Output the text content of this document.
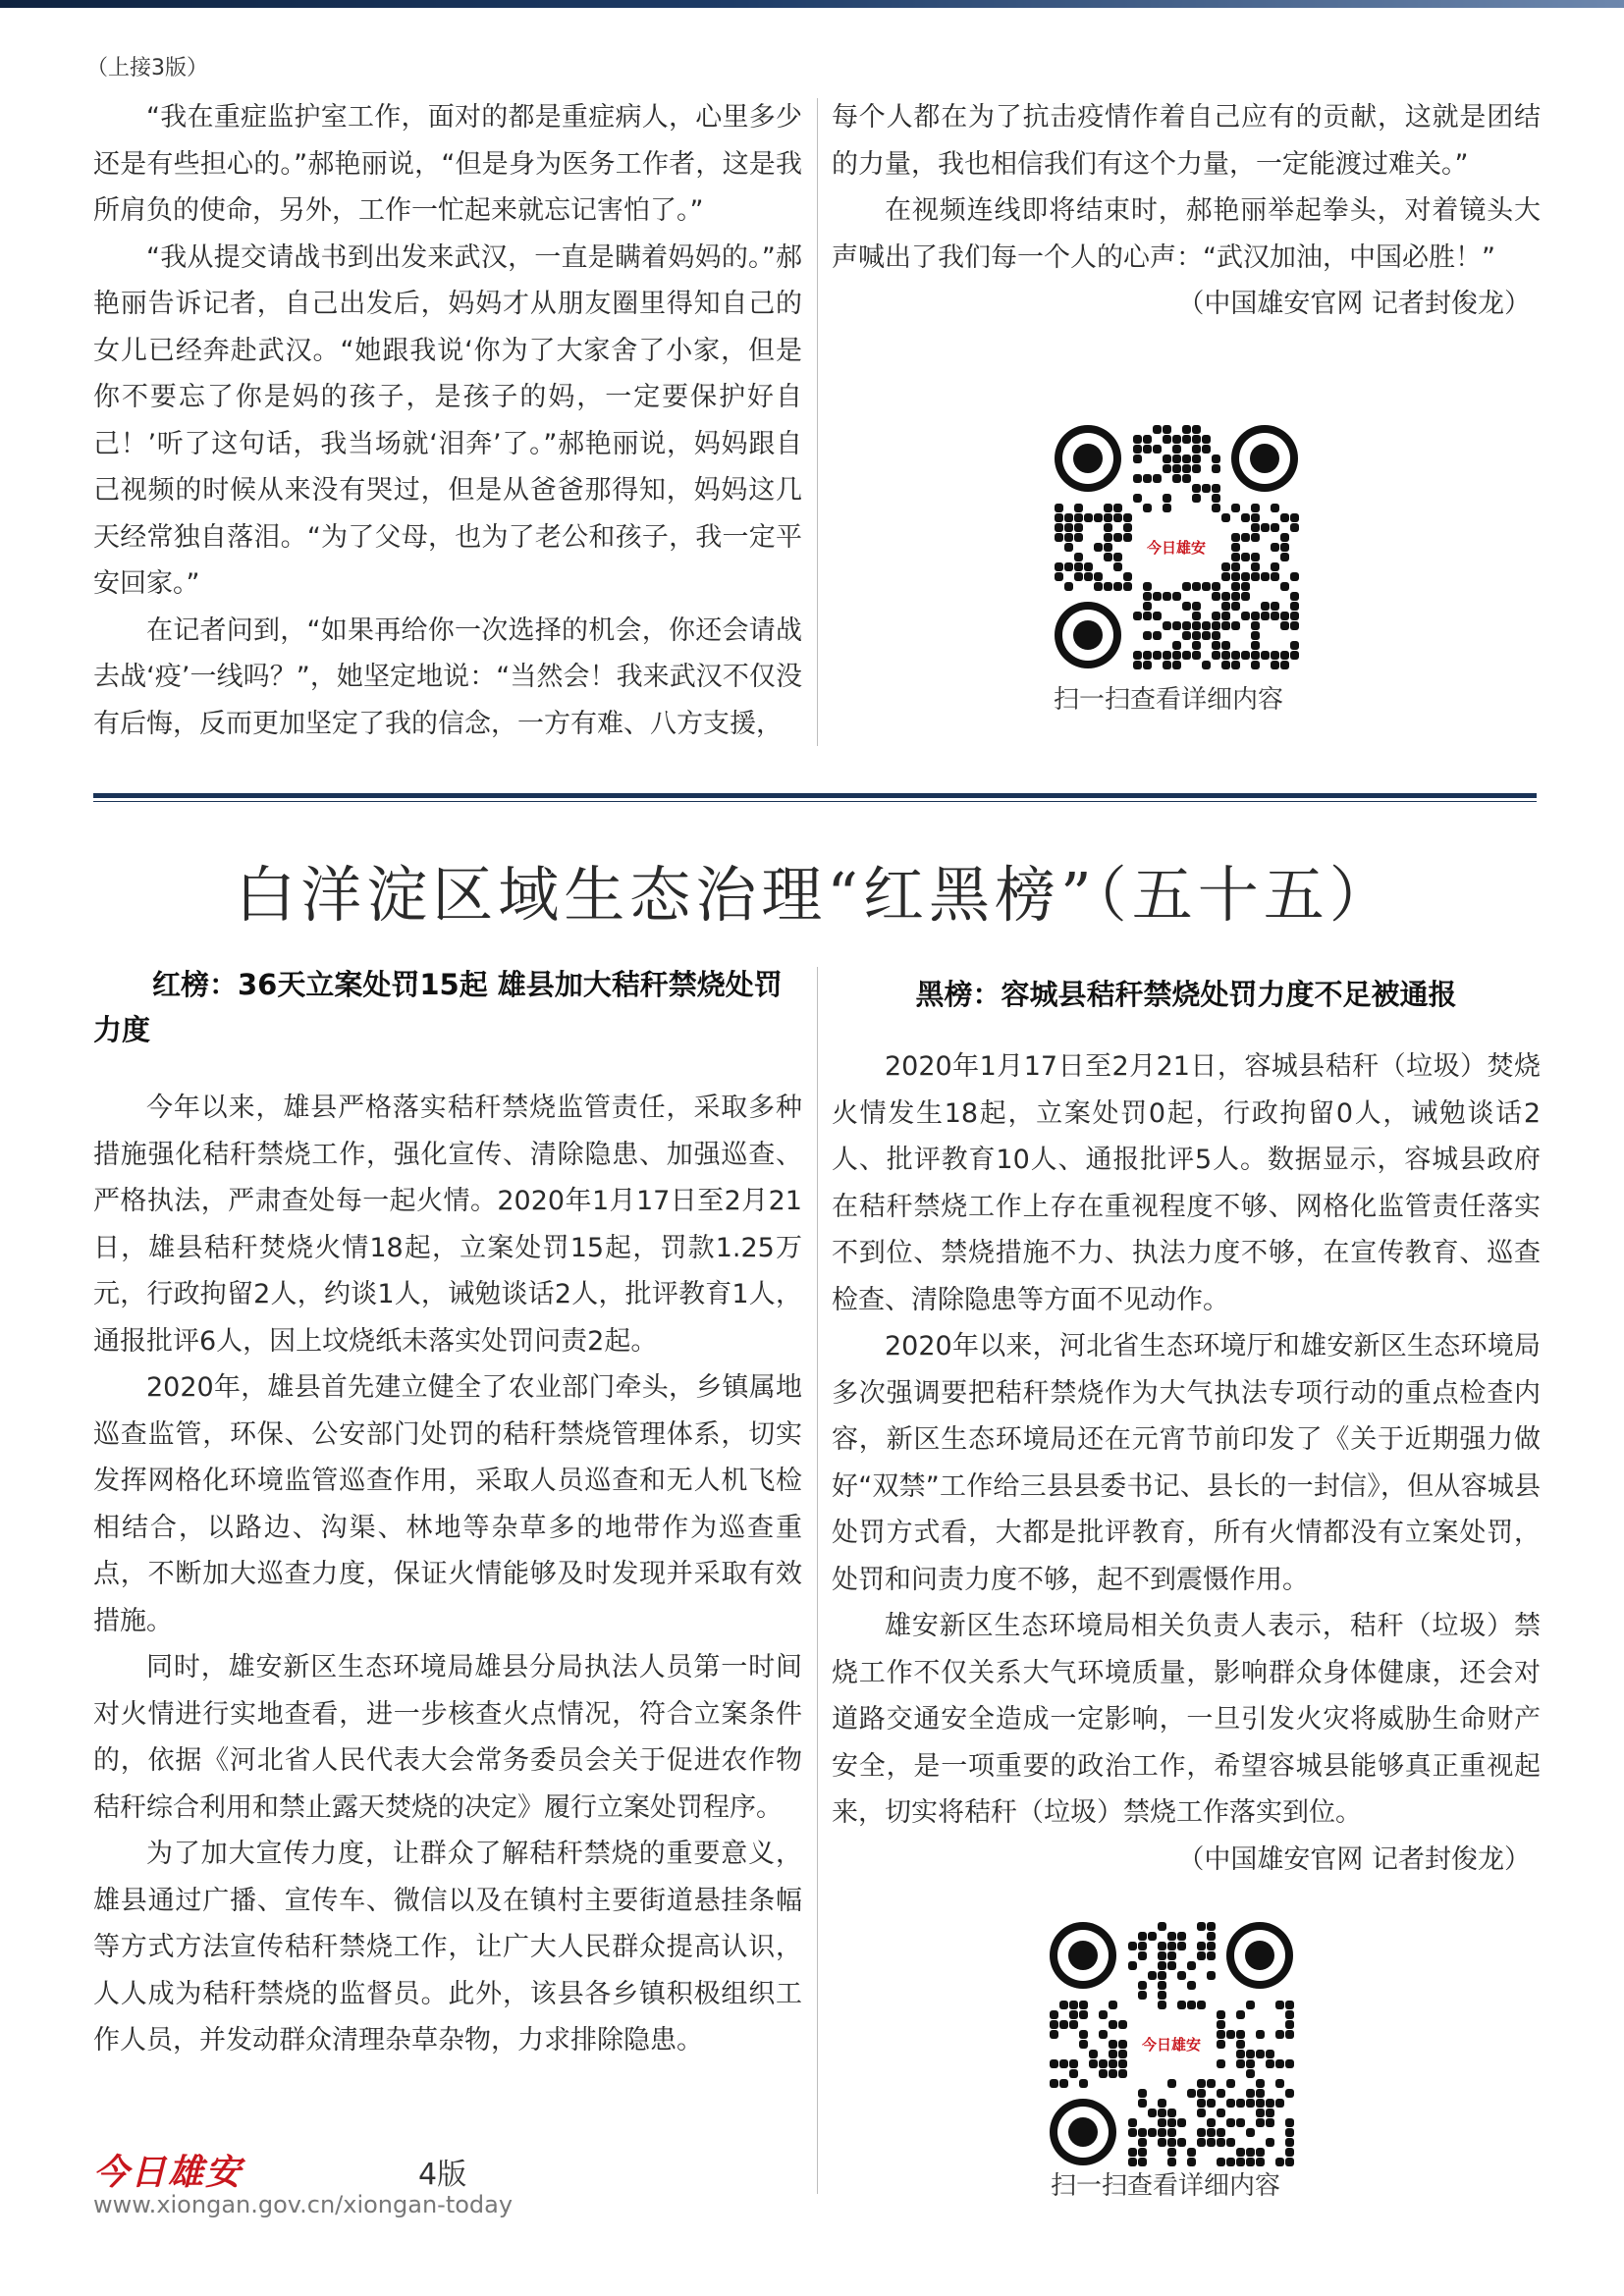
（上接3版）

“我在重症监护室工作，面对的都是重症病人，心里多少还是有些担心的。”郝艳丽说，“但是身为医务工作者，这是我所肩负的使命，另外，工作一忙起来就忘记害怕了。”

“我从提交请战书到出发来武汉，一直是瞒着妈妈的。”郝艳丽告诉记者，自己出发后，妈妈才从朋友圈里得知自己的女儿已经奔赴武汉。“她跟我说‘你为了大家舍了小家，但是你不要忘了你是妈的孩子，是孩子的妈，一定要保护好自己！’听了这句话，我当场就‘泪奔’了。”郝艳丽说，妈妈跟自己视频的时候从来没有哭过，但是从爸爸那得知，妈妈这几天经常独自落泪。“为了父母，也为了老公和孩子，我一定平安回家。”

在记者问到，“如果再给你一次选择的机会，你还会请战去战‘疫’一线吗？”，她坚定地说：“当然会！我来武汉不仅没有后悔，反而更加坚定了我的信念，一方有难、八方支援，

每个人都在为了抗击疫情作着自己应有的贡献，这就是团结的力量，我也相信我们有这个力量，一定能渡过难关。”

在视频连线即将结束时，郝艳丽举起拳头，对着镜头大声喊出了我们每一个人的心声：“武汉加油，中国必胜！”

（中国雄安官网 记者封俊龙）

今日雄安
扫一扫查看详细内容
白洋淀区域生态治理“红黑榜”（五十五）

红榜：36天立案处罚15起 雄县加大秸秆禁烧处罚力度

今年以来，雄县严格落实秸秆禁烧监管责任，采取多种措施强化秸秆禁烧工作，强化宣传、清除隐患、加强巡查、严格执法，严肃查处每一起火情。2020年1月17日至2月21日，雄县秸秆焚烧火情18起，立案处罚15起，罚款1.25万元，行政拘留2人，约谈1人，诫勉谈话2人，批评教育1人，通报批评6人，因上坟烧纸未落实处罚问责2起。

2020年，雄县首先建立健全了农业部门牵头，乡镇属地巡查监管，环保、公安部门处罚的秸秆禁烧管理体系，切实发挥网格化环境监管巡查作用，采取人员巡查和无人机飞检相结合，以路边、沟渠、林地等杂草多的地带作为巡查重点，不断加大巡查力度，保证火情能够及时发现并采取有效措施。

同时，雄安新区生态环境局雄县分局执法人员第一时间对火情进行实地查看，进一步核查火点情况，符合立案条件的，依据《河北省人民代表大会常务委员会关于促进农作物秸秆综合利用和禁止露天焚烧的决定》履行立案处罚程序。

为了加大宣传力度，让群众了解秸秆禁烧的重要意义，雄县通过广播、宣传车、微信以及在镇村主要街道悬挂条幅等方式方法宣传秸秆禁烧工作，让广大人民群众提高认识，人人成为秸秆禁烧的监督员。此外，该县各乡镇积极组织工作人员，并发动群众清理杂草杂物，力求排除隐患。

黑榜：容城县秸秆禁烧处罚力度不足被通报

2020年1月17日至2月21日，容城县秸秆（垃圾）焚烧火情发生18起，立案处罚0起，行政拘留0人，诫勉谈话2人、批评教育10人、通报批评5人。数据显示，容城县政府在秸秆禁烧工作上存在重视程度不够、网格化监管责任落实不到位、禁烧措施不力、执法力度不够，在宣传教育、巡查检查、清除隐患等方面不见动作。

2020年以来，河北省生态环境厅和雄安新区生态环境局多次强调要把秸秆禁烧作为大气执法专项行动的重点检查内容，新区生态环境局还在元宵节前印发了《关于近期强力做好“双禁”工作给三县县委书记、县长的一封信》，但从容城县处罚方式看，大都是批评教育，所有火情都没有立案处罚，处罚和问责力度不够，起不到震慑作用。

雄安新区生态环境局相关负责人表示，秸秆（垃圾）禁烧工作不仅关系大气环境质量，影响群众身体健康，还会对道路交通安全造成一定影响，一旦引发火灾将威胁生命财产安全，是一项重要的政治工作，希望容城县能够真正重视起来，切实将秸秆（垃圾）禁烧工作落实到位。

（中国雄安官网 记者封俊龙）

今日雄安
扫一扫查看详细内容
今日雄安	4版
www.xiongan.gov.cn/xiongan-today
